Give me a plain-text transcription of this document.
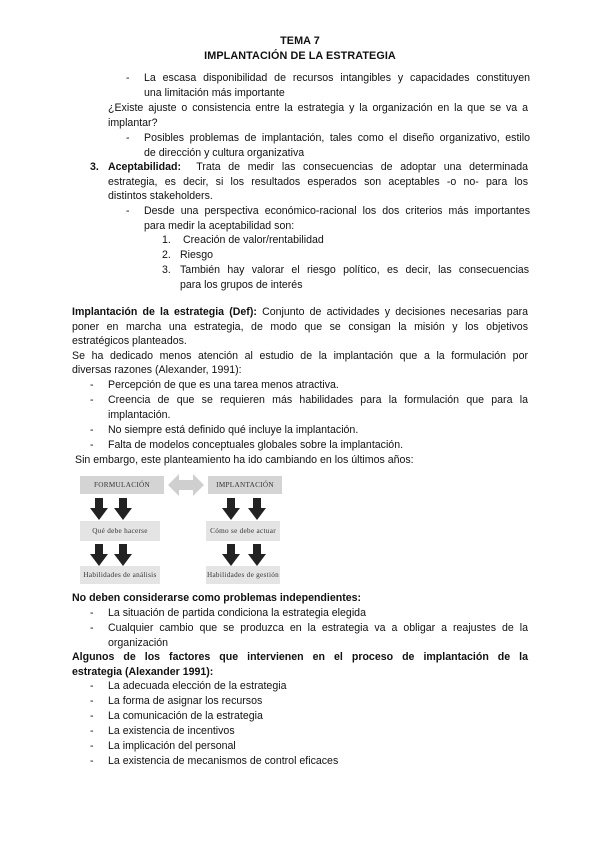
TEMA 7
IMPLANTACIÓN DE LA ESTRATEGIA
- La escasa disponibilidad de recursos intangibles y capacidades constituyen
una limitación más importante
¿Existe ajuste o consistencia entre la estrategia y la organización en la que se va a
implantar?
- Posibles problemas de implantación, tales como el diseño organizativo, estilo
de dirección y cultura organizativa
3. Aceptabilidad: Trata de medir las consecuencias de adoptar una determinada
estrategia, es decir, si los resultados esperados son aceptables -o no- para los
distintos stakeholders.
- Desde una perspectiva económico-racional los dos criterios más importantes
para medir la aceptabilidad son:
1. Creación de valor/rentabilidad
2. Riesgo
3. También hay valorar el riesgo político, es decir, las consecuencias
para los grupos de interés
Implantación de la estrategia (Def): Conjunto de actividades y decisiones necesarias para
poner en marcha una estrategia, de modo que se consigan la misión y los objetivos
estratégicos planteados.
Se ha dedicado menos atención al estudio de la implantación que a la formulación por
diversas razones (Alexander, 1991):
- Percepción de que es una tarea menos atractiva.
- Creencia de que se requieren más habilidades para la formulación que para la
implantación.
- No siempre está definido qué incluye la implantación.
- Falta de modelos conceptuales globales sobre la implantación.
Sin embargo, este planteamiento ha ido cambiando en los últimos años:
FORMULACIÓN	IMPLANTACIÓN
Qué debe hacerse	Cómo se debe actuar
Habilidades de análisis	Habilidades de gestión
No deben considerarse como problemas independientes:
- La situación de partida condiciona la estrategia elegida
- Cualquier cambio que se produzca en la estrategia va a obligar a reajustes de la
organización
Algunos de los factores que intervienen en el proceso de implantación de la
estrategia (Alexander 1991):
- La adecuada elección de la estrategia
- La forma de asignar los recursos
- La comunicación de la estrategia
- La existencia de incentivos
- La implicación del personal
- La existencia de mecanismos de control eficaces
